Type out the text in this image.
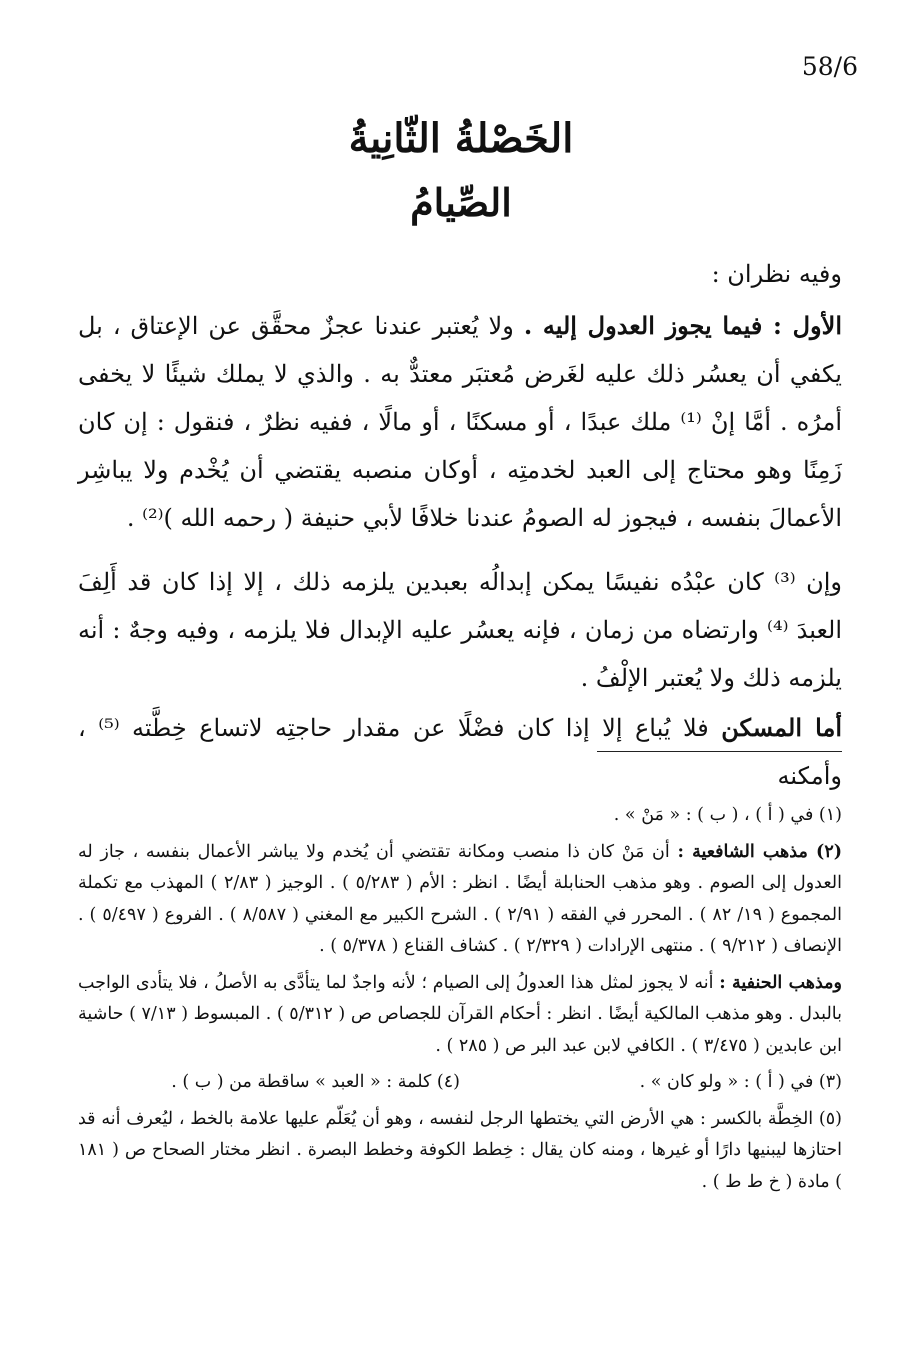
58/6
الخَصْلةُ الثّانِيةُ
الصِّيامُ
وفيه نظران :

الأول : فيما يجوز العدول إليه . ولا يُعتبر عندنا عجزٌ محقَّق عن الإعتاق ، بل يكفي أن يعسُر ذلك عليه لغَرض مُعتبَر معتدٌّ به . والذي لا يملك شيئًا لا يخفى أمرُه . أمَّا إنْ ⁽¹⁾ ملك عبدًا ، أو مسكنًا ، أو مالًا ، ففيه نظرٌ ، فنقول : إن كان زَمِنًا وهو محتاج إلى العبد لخدمتِه ، أوكان منصبه يقتضي أن يُخْدم ولا يباشِر الأعمالَ بنفسه ، فيجوز له الصومُ عندنا خلافًا لأبي حنيفة ( رحمه الله )⁽²⁾ .

وإن ⁽³⁾ كان عبْدُه نفيسًا يمكن إبدالُه بعبدين يلزمه ذلك ، إلا إذا كان قد أَلِفَ العبدَ ⁽⁴⁾ وارتضاه من زمان ، فإنه يعسُر عليه الإبدال فلا يلزمه ، وفيه وجهٌ : أنه يلزمه ذلك ولا يُعتبر الإلْفُ .

أما المسكن فلا يُباع إلا إذا كان فضْلًا عن مقدار حاجتِه لاتساع خِطَّته ⁽⁵⁾ ، وأمكنه

(١) في ( أ ) ، ( ب ) : « مَنْ » .

(٢) مذهب الشافعية : أن مَنْ كان ذا منصب ومكانة تقتضي أن يُخدم ولا يباشر الأعمال بنفسه ، جاز له العدول إلى الصوم . وهو مذهب الحنابلة أيضًا . انظر : الأم ( ٥/٢٨٣ ) . الوجيز ( ٢/٨٣ ) المهذب مع تكملة المجموع ( ١٩/ ٨٢ ) . المحرر في الفقه ( ٢/٩١ ) . الشرح الكبير مع المغني ( ٨/٥٨٧ ) . الفروع ( ٥/٤٩٧ ) . الإنصاف ( ٩/٢١٢ ) . منتهى الإرادات ( ٢/٣٢٩ ) . كشاف القناع ( ٥/٣٧٨ ) .

ومذهب الحنفية : أنه لا يجوز لمثل هذا العدولُ إلى الصيام ؛ لأنه واجدٌ لما يتأدَّى به الأصلُ ، فلا يتأدى الواجب بالبدل . وهو مذهب المالكية أيضًا . انظر : أحكام القرآن للجصاص ص ( ٥/٣١٢ ) . المبسوط ( ٧/١٣ ) حاشية ابن عابدين ( ٣/٤٧٥ ) . الكافي لابن عبد البر ص ( ٢٨٥ ) .

(٣) في ( أ ) : « ولو كان » .
(٤) كلمة : « العبد » ساقطة من ( ب ) .

(٥) الخِطَّة بالكسر : هي الأرض التي يختطها الرجل لنفسه ، وهو أن يُعَلّم عليها علامة بالخط ، ليُعرف أنه قد احتازها ليبنيها دارًا أو غيرها ، ومنه كان يقال : خِطط الكوفة وخطط البصرة . انظر مختار الصحاح ص ( ١٨١ ) مادة ( خ ط ط ) .
